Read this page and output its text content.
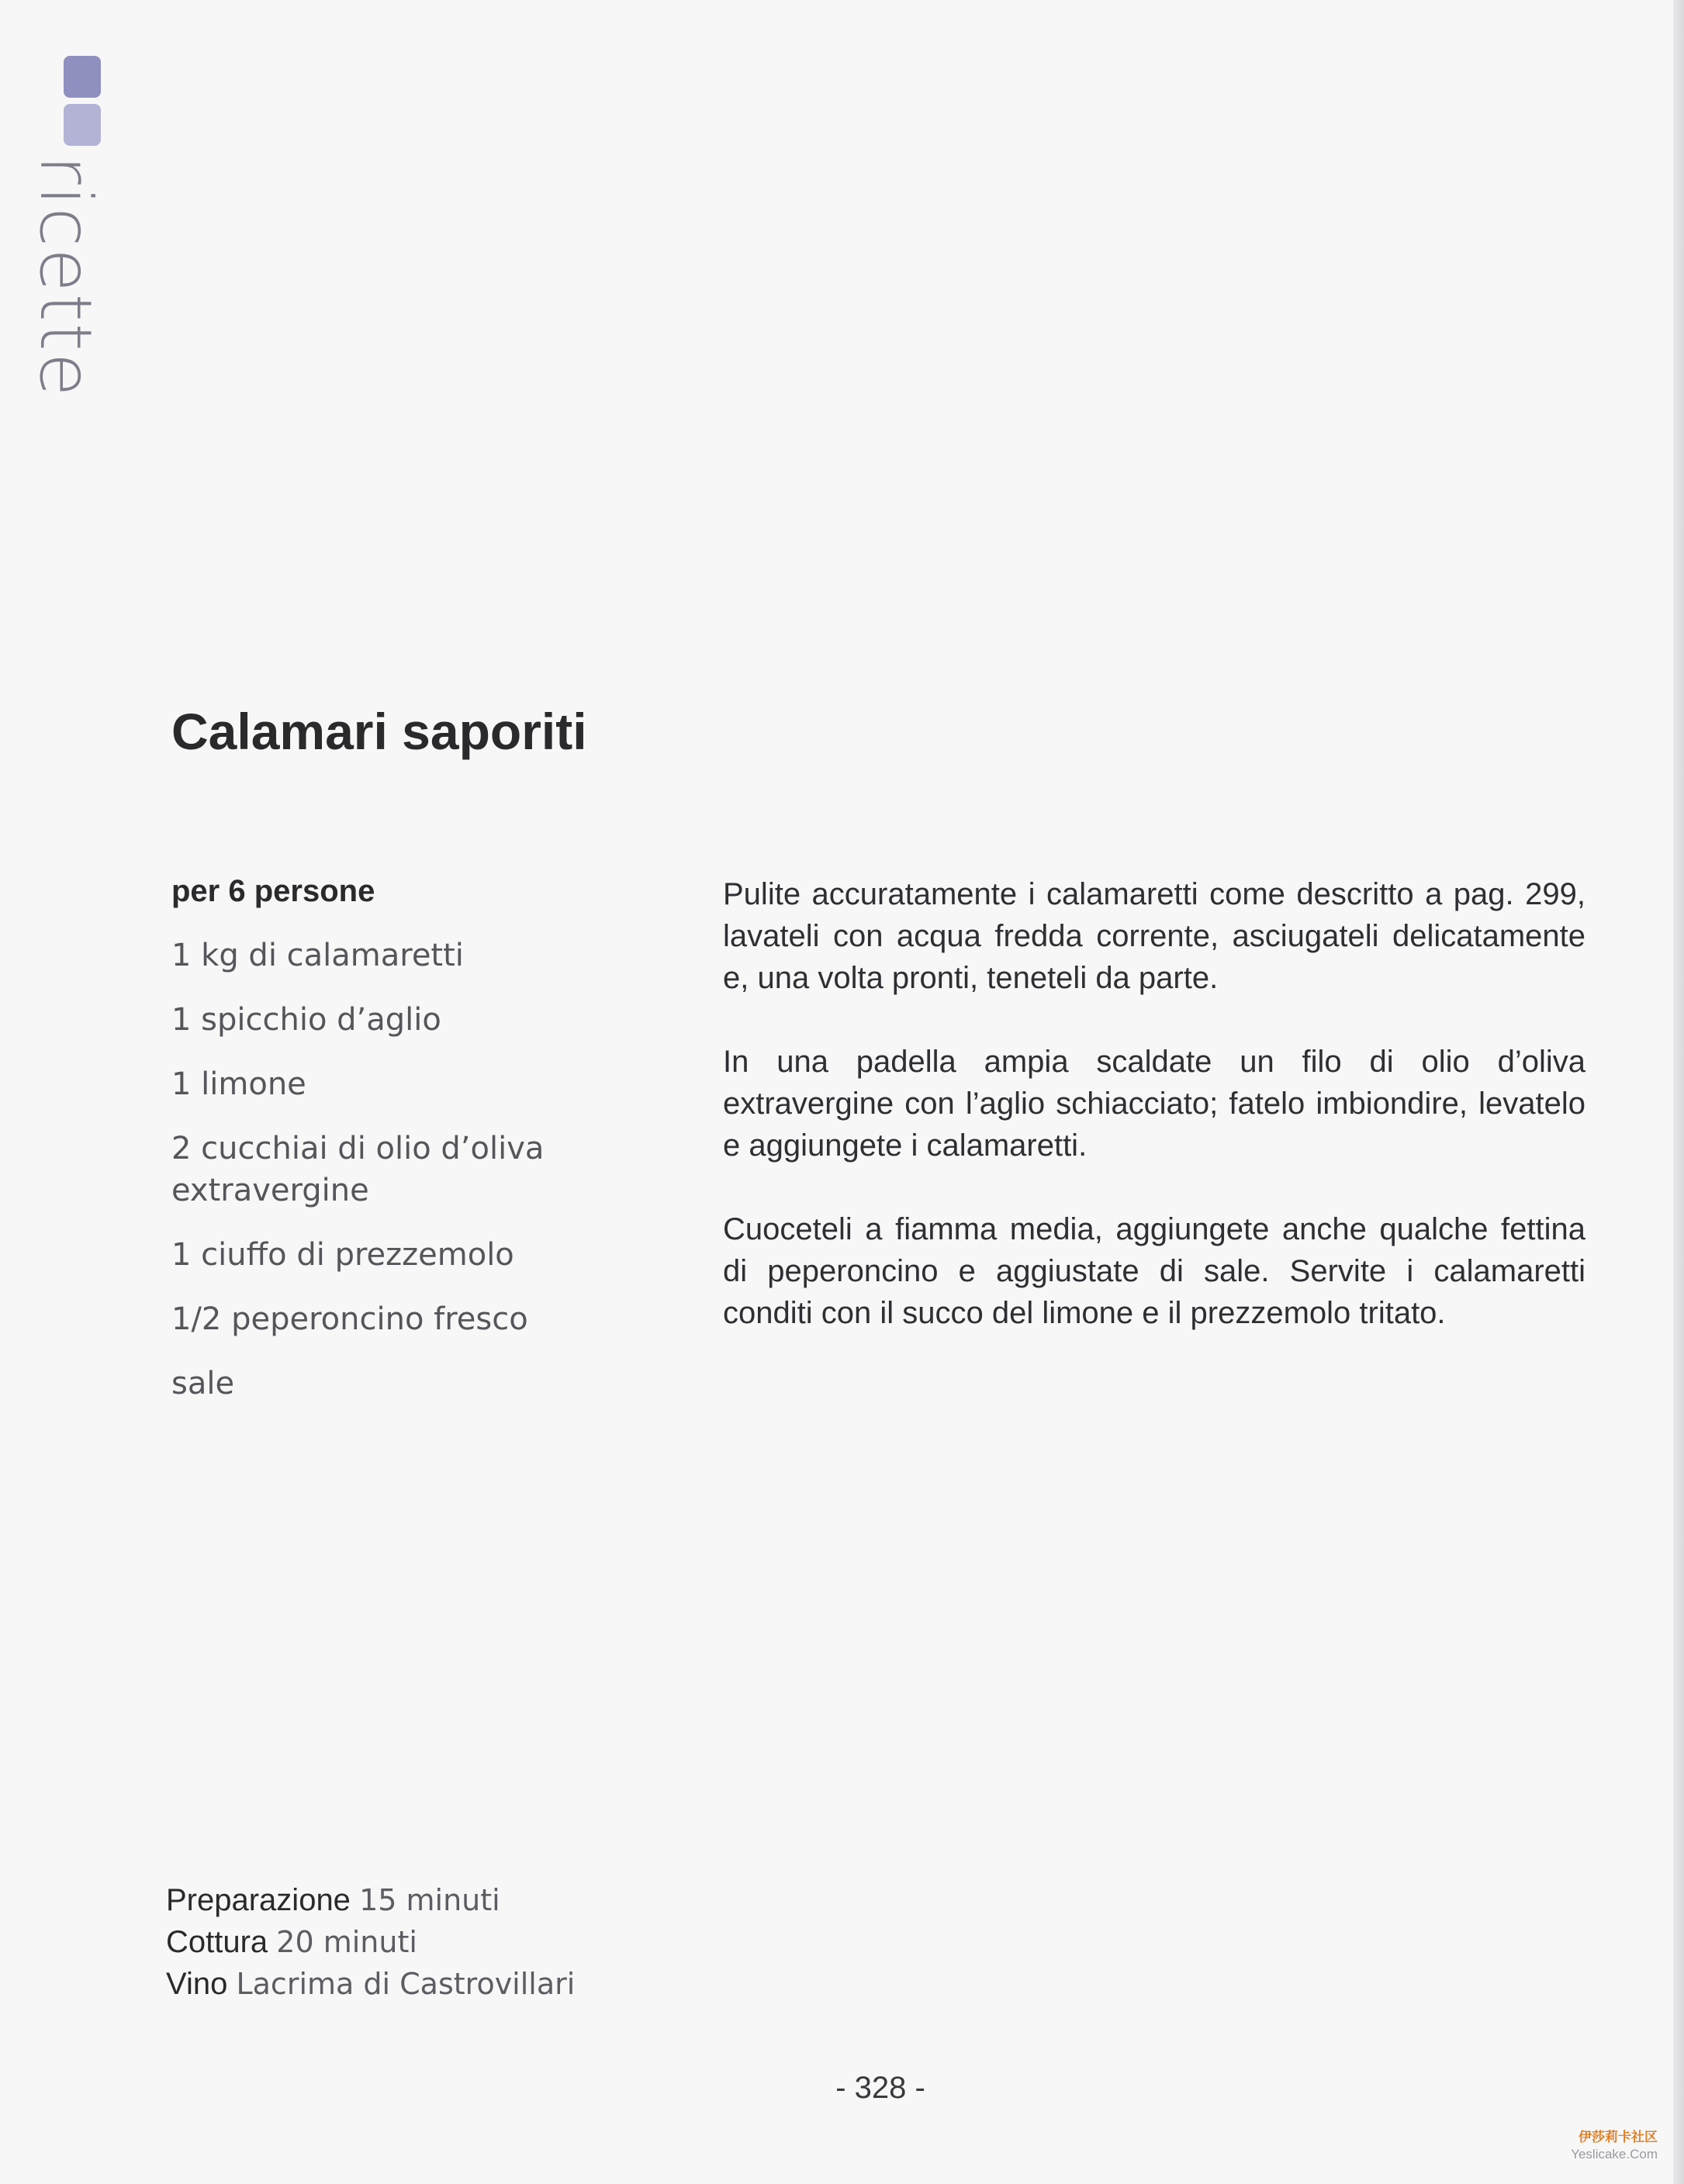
ricette
Calamari saporiti

per 6 persone

1 kg di calamaretti
1 spicchio d’aglio
1 limone
2 cucchiai di olio d’oliva extravergine
1 ciuffo di prezzemolo
1/2 peperoncino fresco
sale

Pulite accuratamente i calamaretti come descritto a pag. 299, lavateli con acqua fredda corrente, asciugateli delicatamente e, una volta pronti, teneteli da parte.

In una padella ampia scaldate un filo di olio d’oliva extravergine con l’aglio schiacciato; fatelo imbiondire, levatelo e aggiungete i calamaretti.

Cuoceteli a fiamma media, aggiungete anche qualche fettina di peperoncino e aggiustate di sale. Servite i calamaretti conditi con il succo del limone e il prezzemolo tritato.

Preparazione 15 minuti

Cottura 20 minuti

Vino Lacrima di Castrovillari

- 328 -
伊莎莉卡社区
Yeslicake.Com
